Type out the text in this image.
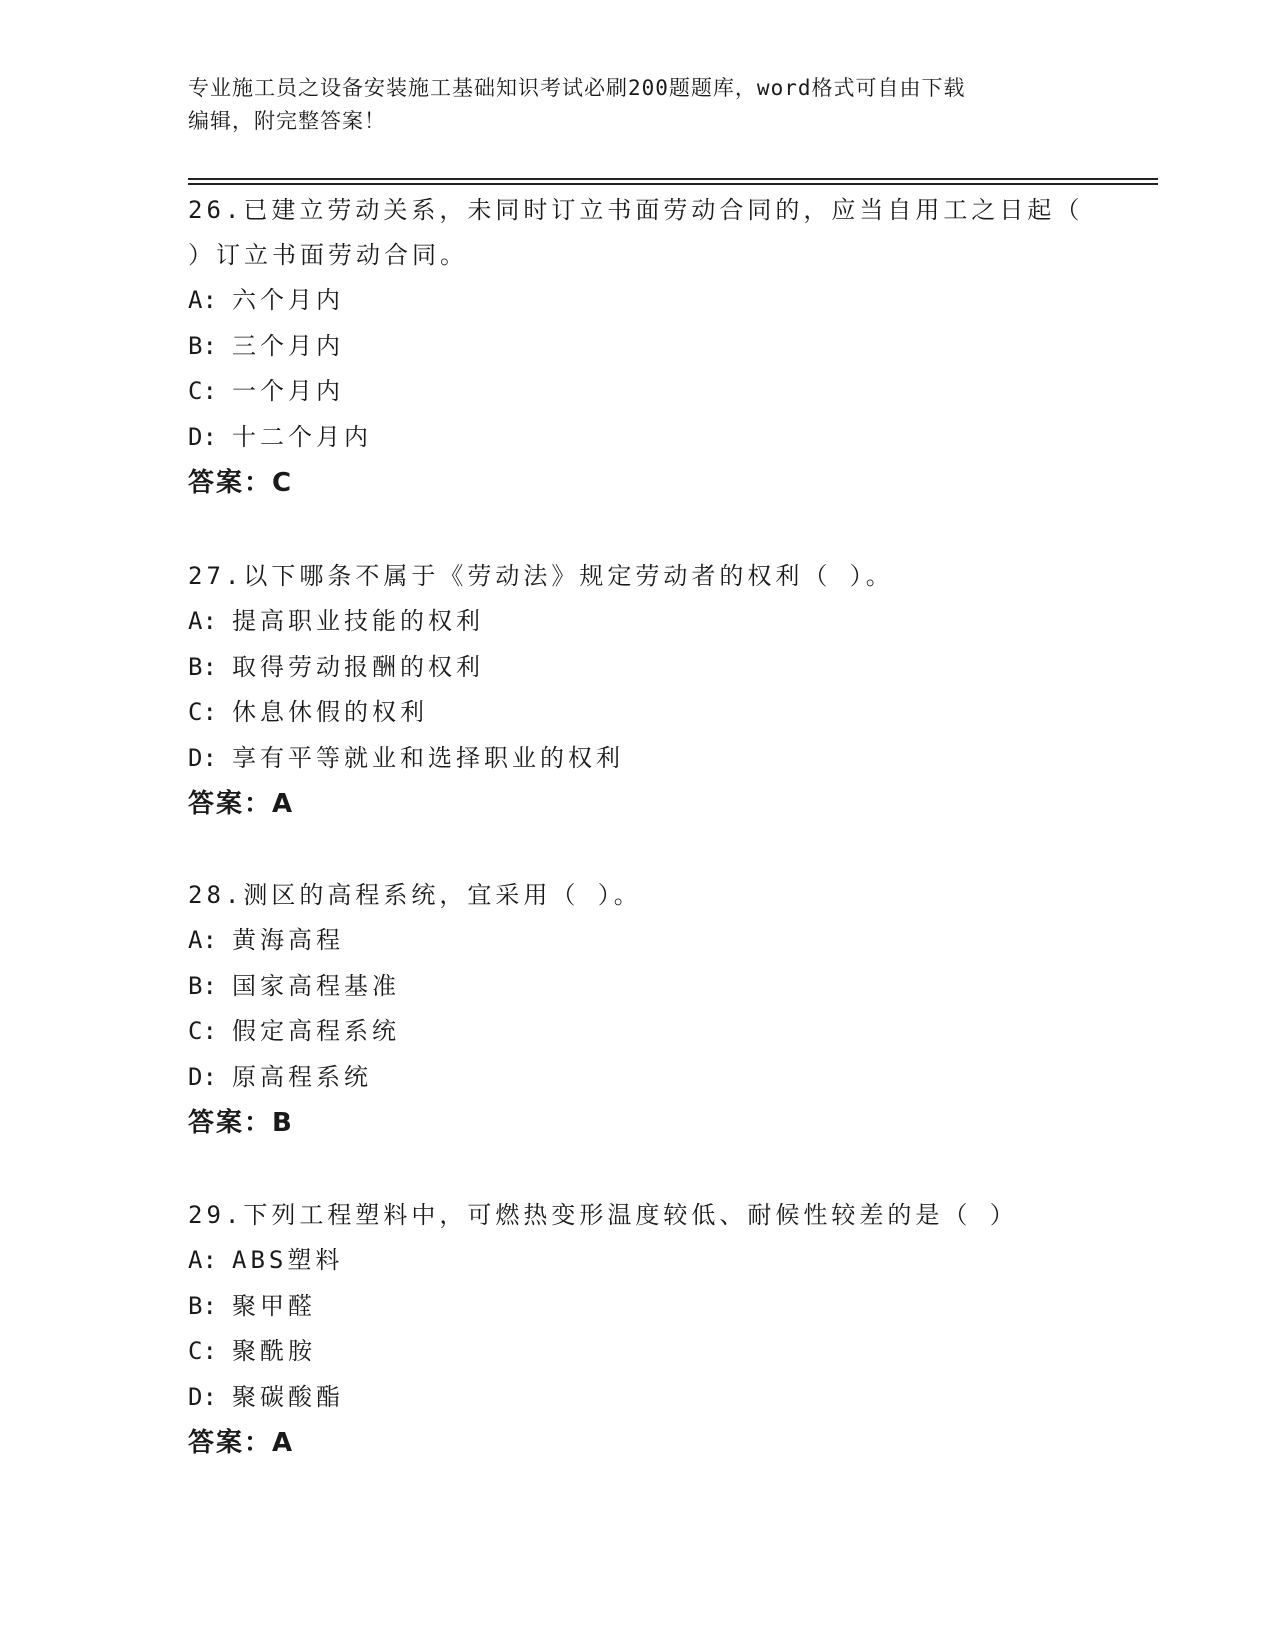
专业施工员之设备安装施工基础知识考试必刷200题题库，word格式可自由下载
编辑，附完整答案！

26.已建立劳动关系，未同时订立书面劳动合同的，应当自用工之日起（ ）订立书面劳动合同。

A: 六个月内
B: 三个月内
C: 一个月内
D: 十二个月内
答案：C

27.以下哪条不属于《劳动法》规定劳动者的权利（ ）。

A: 提高职业技能的权利
B: 取得劳动报酬的权利
C: 休息休假的权利
D: 享有平等就业和选择职业的权利
答案：A

28.测区的高程系统，宜采用（ ）。

A: 黄海高程
B: 国家高程基准
C: 假定高程系统
D: 原高程系统
答案：B

29.下列工程塑料中，可燃热变形温度较低、耐候性较差的是（ ）

A: ABS塑料
B: 聚甲醛
C: 聚酰胺
D: 聚碳酸酯
答案：A
